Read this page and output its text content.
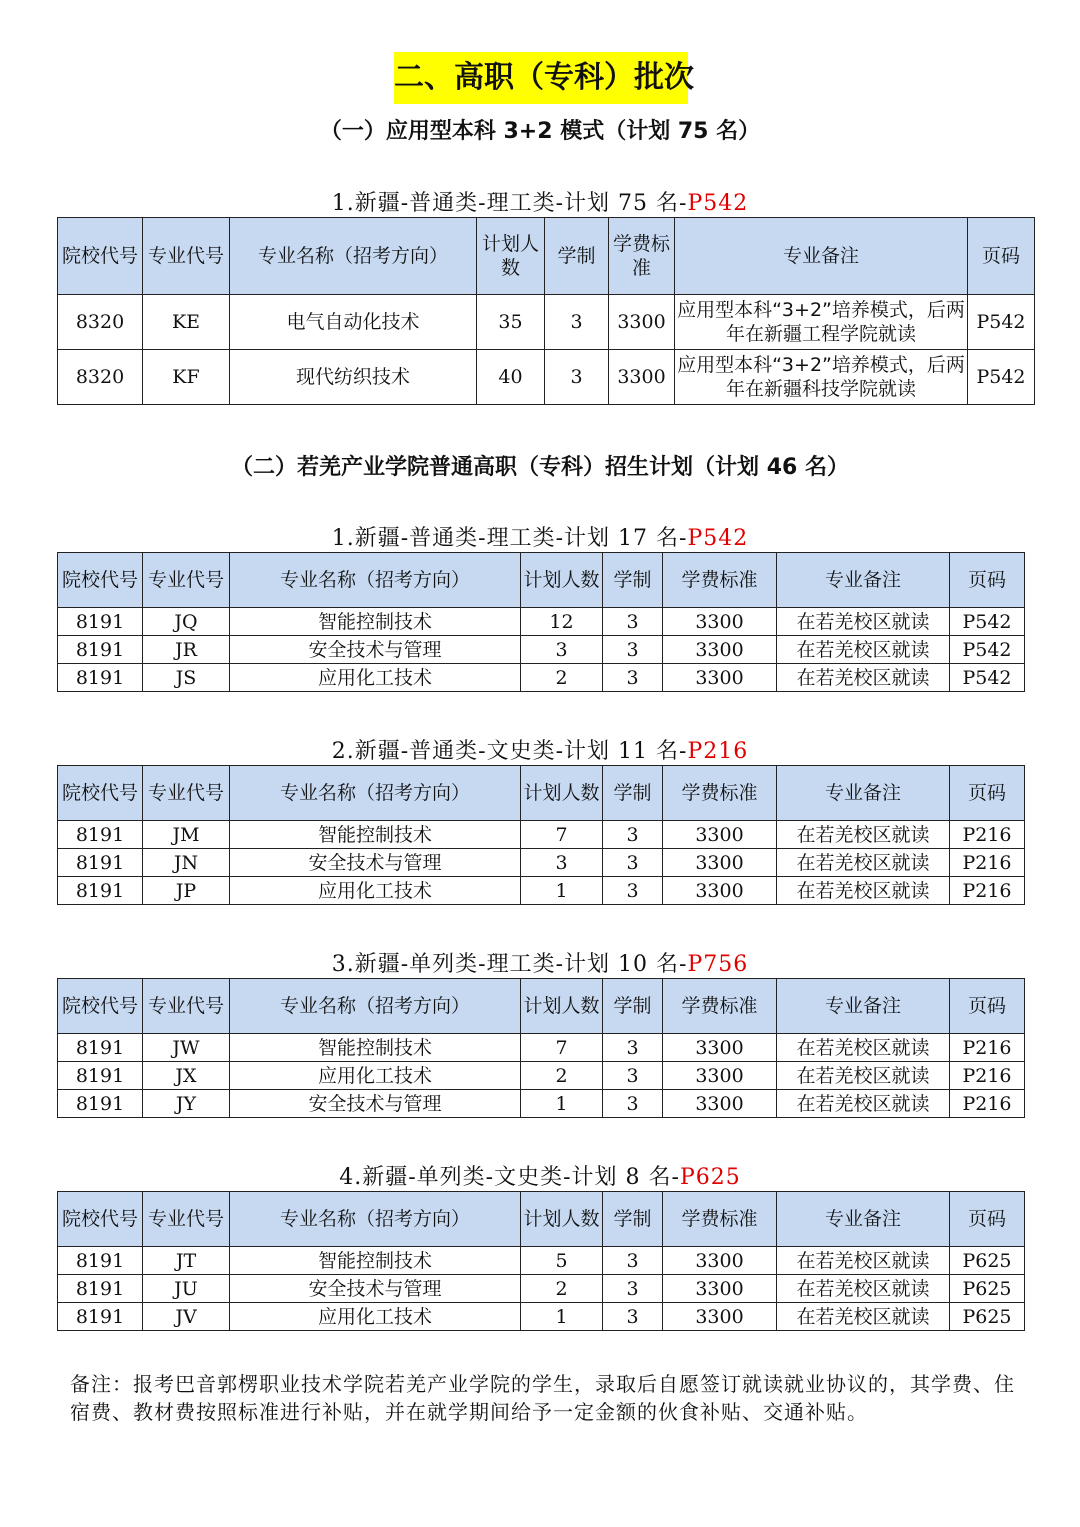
二、高职（专科）批次
（一）应用型本科 3+2 模式（计划 75 名）
1.新疆-普通类-理工类-计划 75 名-P542
院校代号	专业代号	专业名称（招考方向）	计划人数	学制	学费标准	专业备注	页码
8320	KE	电气自动化技术	35	3	3300	应用型本科“3+2”培养模式，后两年在新疆工程学院就读	P542
8320	KF	现代纺织技术	40	3	3300	应用型本科“3+2”培养模式，后两年在新疆科技学院就读	P542
（二）若羌产业学院普通高职（专科）招生计划（计划 46 名）
1.新疆-普通类-理工类-计划 17 名-P542
院校代号	专业代号	专业名称（招考方向）	计划人数	学制	学费标准	专业备注	页码
8191	JQ	智能控制技术	12	3	3300	在若羌校区就读	P542
8191	JR	安全技术与管理	3	3	3300	在若羌校区就读	P542
8191	JS	应用化工技术	2	3	3300	在若羌校区就读	P542
2.新疆-普通类-文史类-计划 11 名-P216
院校代号	专业代号	专业名称（招考方向）	计划人数	学制	学费标准	专业备注	页码
8191	JM	智能控制技术	7	3	3300	在若羌校区就读	P216
8191	JN	安全技术与管理	3	3	3300	在若羌校区就读	P216
8191	JP	应用化工技术	1	3	3300	在若羌校区就读	P216
3.新疆-单列类-理工类-计划 10 名-P756
院校代号	专业代号	专业名称（招考方向）	计划人数	学制	学费标准	专业备注	页码
8191	JW	智能控制技术	7	3	3300	在若羌校区就读	P216
8191	JX	应用化工技术	2	3	3300	在若羌校区就读	P216
8191	JY	安全技术与管理	1	3	3300	在若羌校区就读	P216
4.新疆-单列类-文史类-计划 8 名-P625
院校代号	专业代号	专业名称（招考方向）	计划人数	学制	学费标准	专业备注	页码
8191	JT	智能控制技术	5	3	3300	在若羌校区就读	P625
8191	JU	安全技术与管理	2	3	3300	在若羌校区就读	P625
8191	JV	应用化工技术	1	3	3300	在若羌校区就读	P625
备注：报考巴音郭楞职业技术学院若羌产业学院的学生，录取后自愿签订就读就业协议的，其学费、住宿费、教材费按照标准进行补贴，并在就学期间给予一定金额的伙食补贴、交通补贴。
